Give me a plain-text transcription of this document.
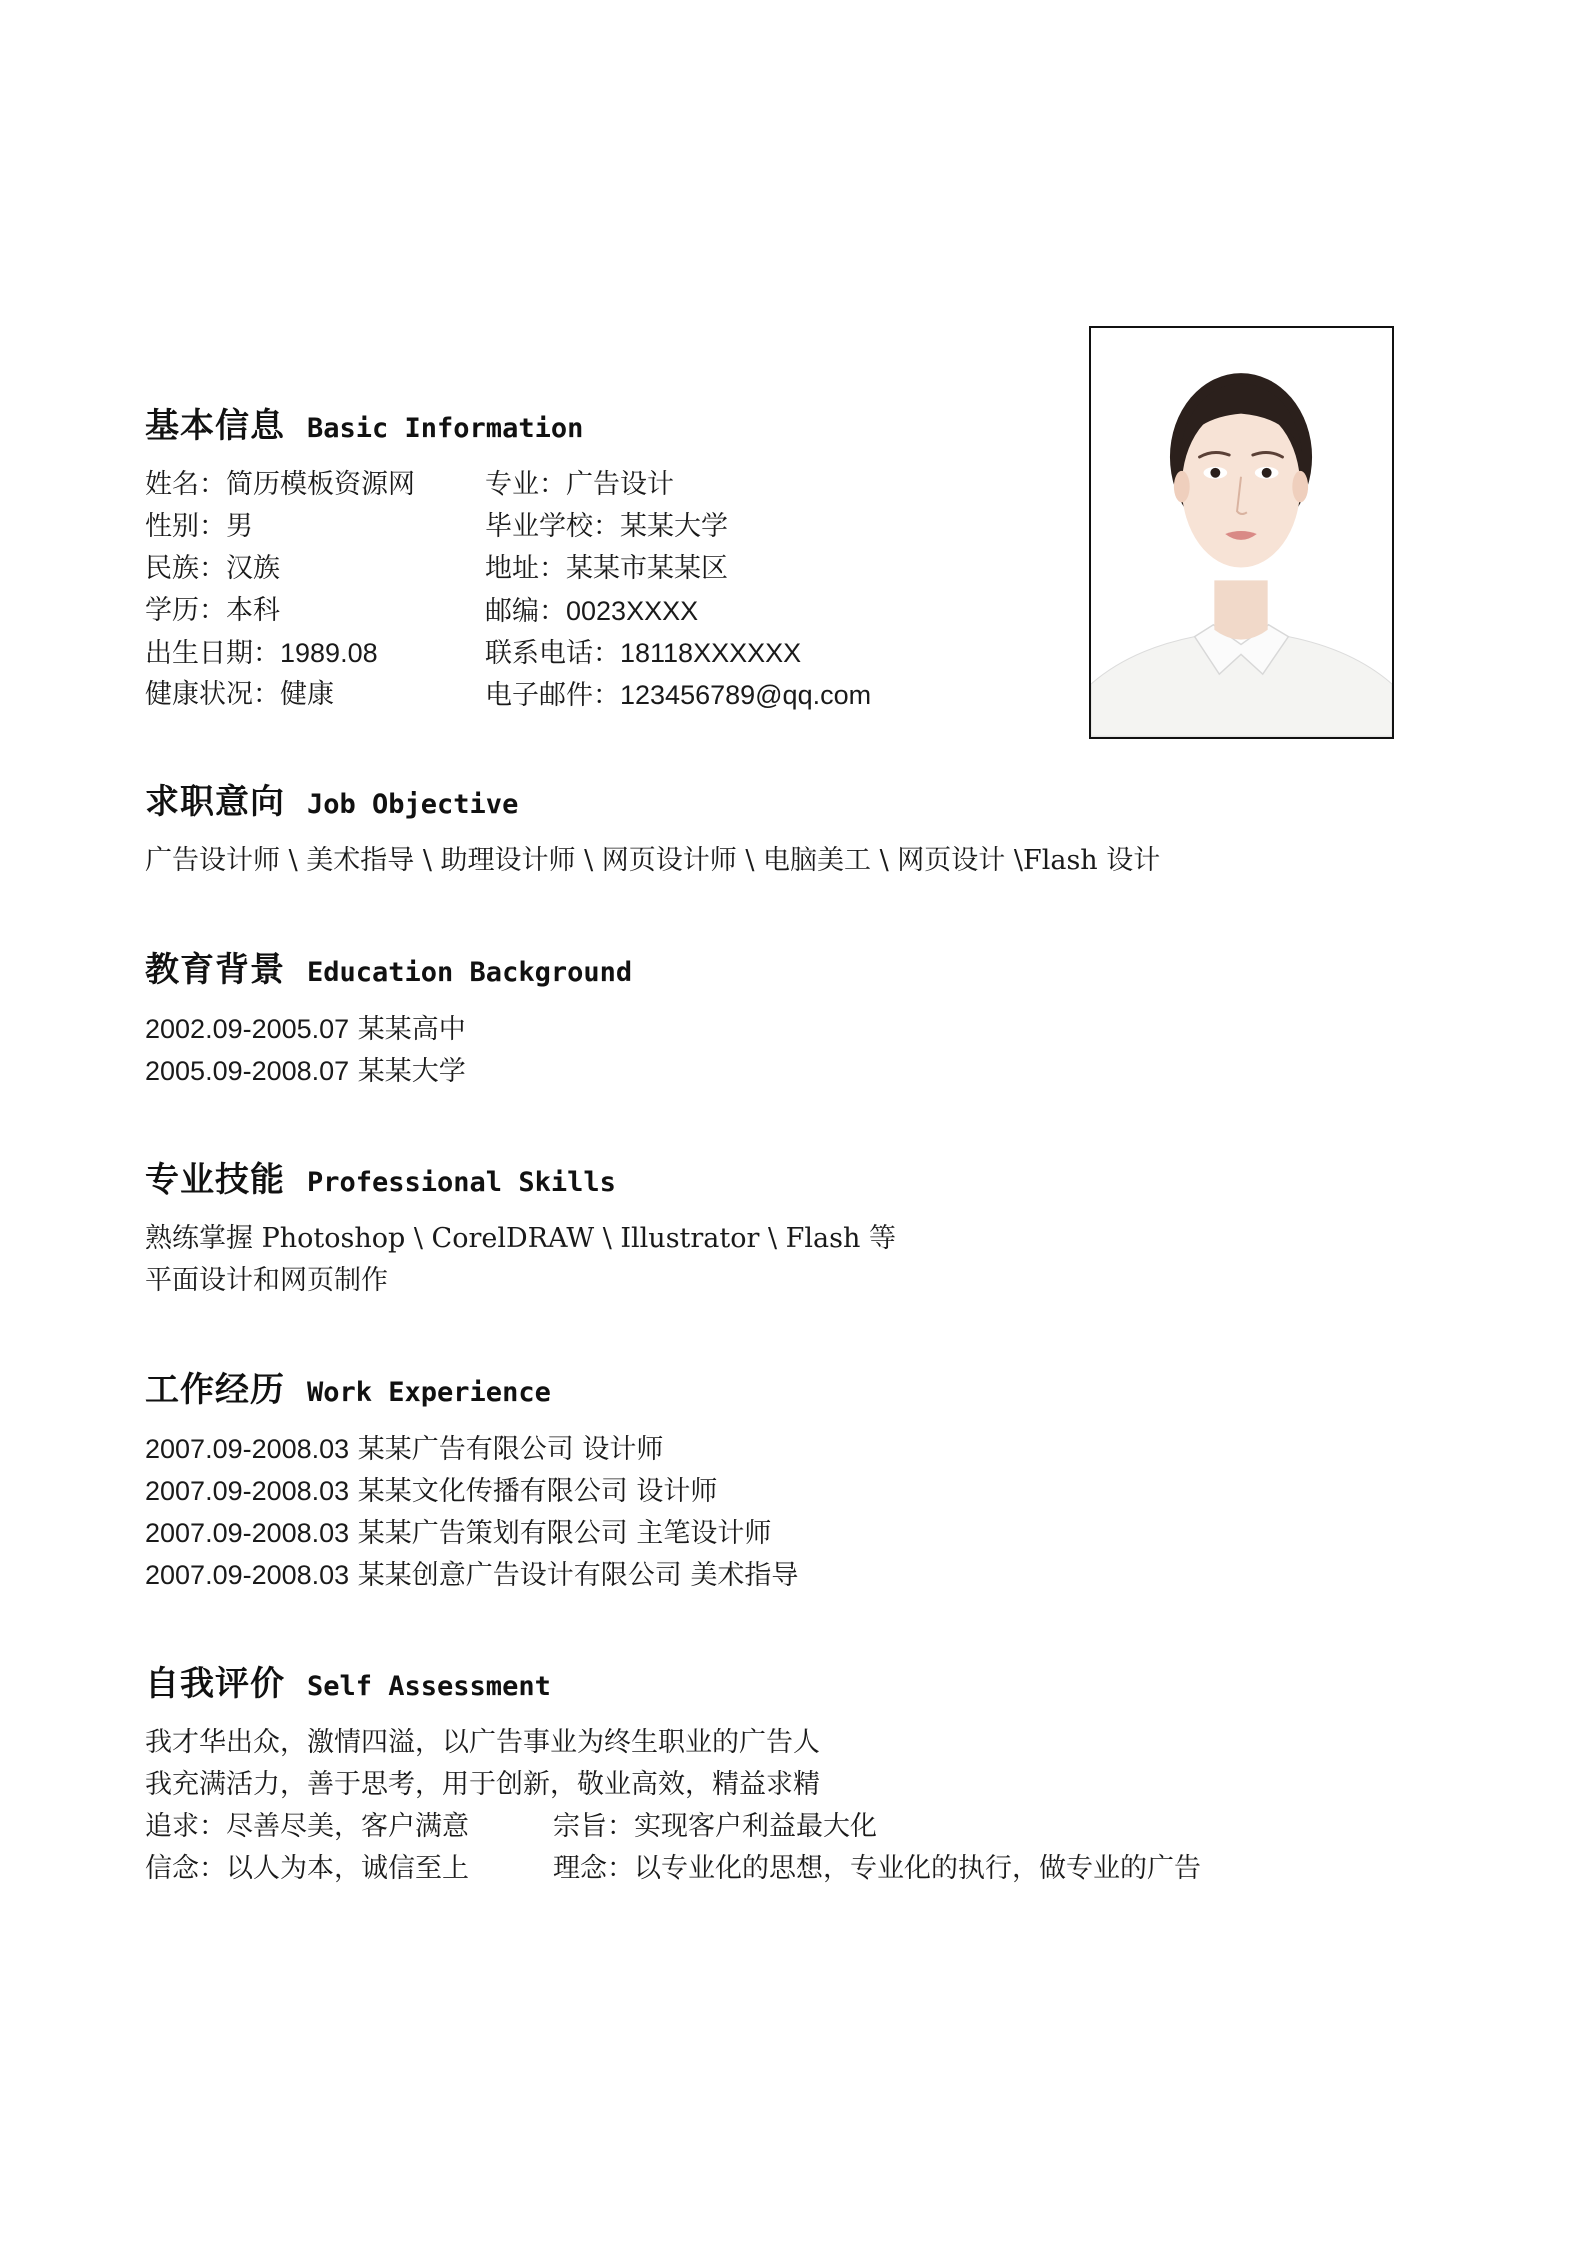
基本信息 Basic Information
姓名：简历模板资源网
性别：男
民族：汉族
学历：本科
出生日期：1989.08
健康状况：健康
专业：广告设计
毕业学校：某某大学
地址：某某市某某区
邮编：0023XXXX
联系电话：18118XXXXXX
电子邮件：123456789@qq.com
求职意向 Job Objective
广告设计师 \ 美术指导 \ 助理设计师 \ 网页设计师 \ 电脑美工 \ 网页设计 \Flash 设计
教育背景 Education Background
2002.09-2005.07 某某高中
2005.09-2008.07 某某大学
专业技能 Professional Skills
熟练掌握 Photoshop \ CorelDRAW \ Illustrator \ Flash 等
平面设计和网页制作
工作经历 Work Experience
2007.09-2008.03 某某广告有限公司 设计师
2007.09-2008.03 某某文化传播有限公司 设计师
2007.09-2008.03 某某广告策划有限公司 主笔设计师
2007.09-2008.03 某某创意广告设计有限公司 美术指导
自我评价 Self Assessment
我才华出众，激情四溢，以广告事业为终生职业的广告人
我充满活力，善于思考，用于创新，敬业高效，精益求精
追求：尽善尽美，客户满意	宗旨：实现客户利益最大化
信念：以人为本，诚信至上	理念：以专业化的思想，专业化的执行，做专业的广告
